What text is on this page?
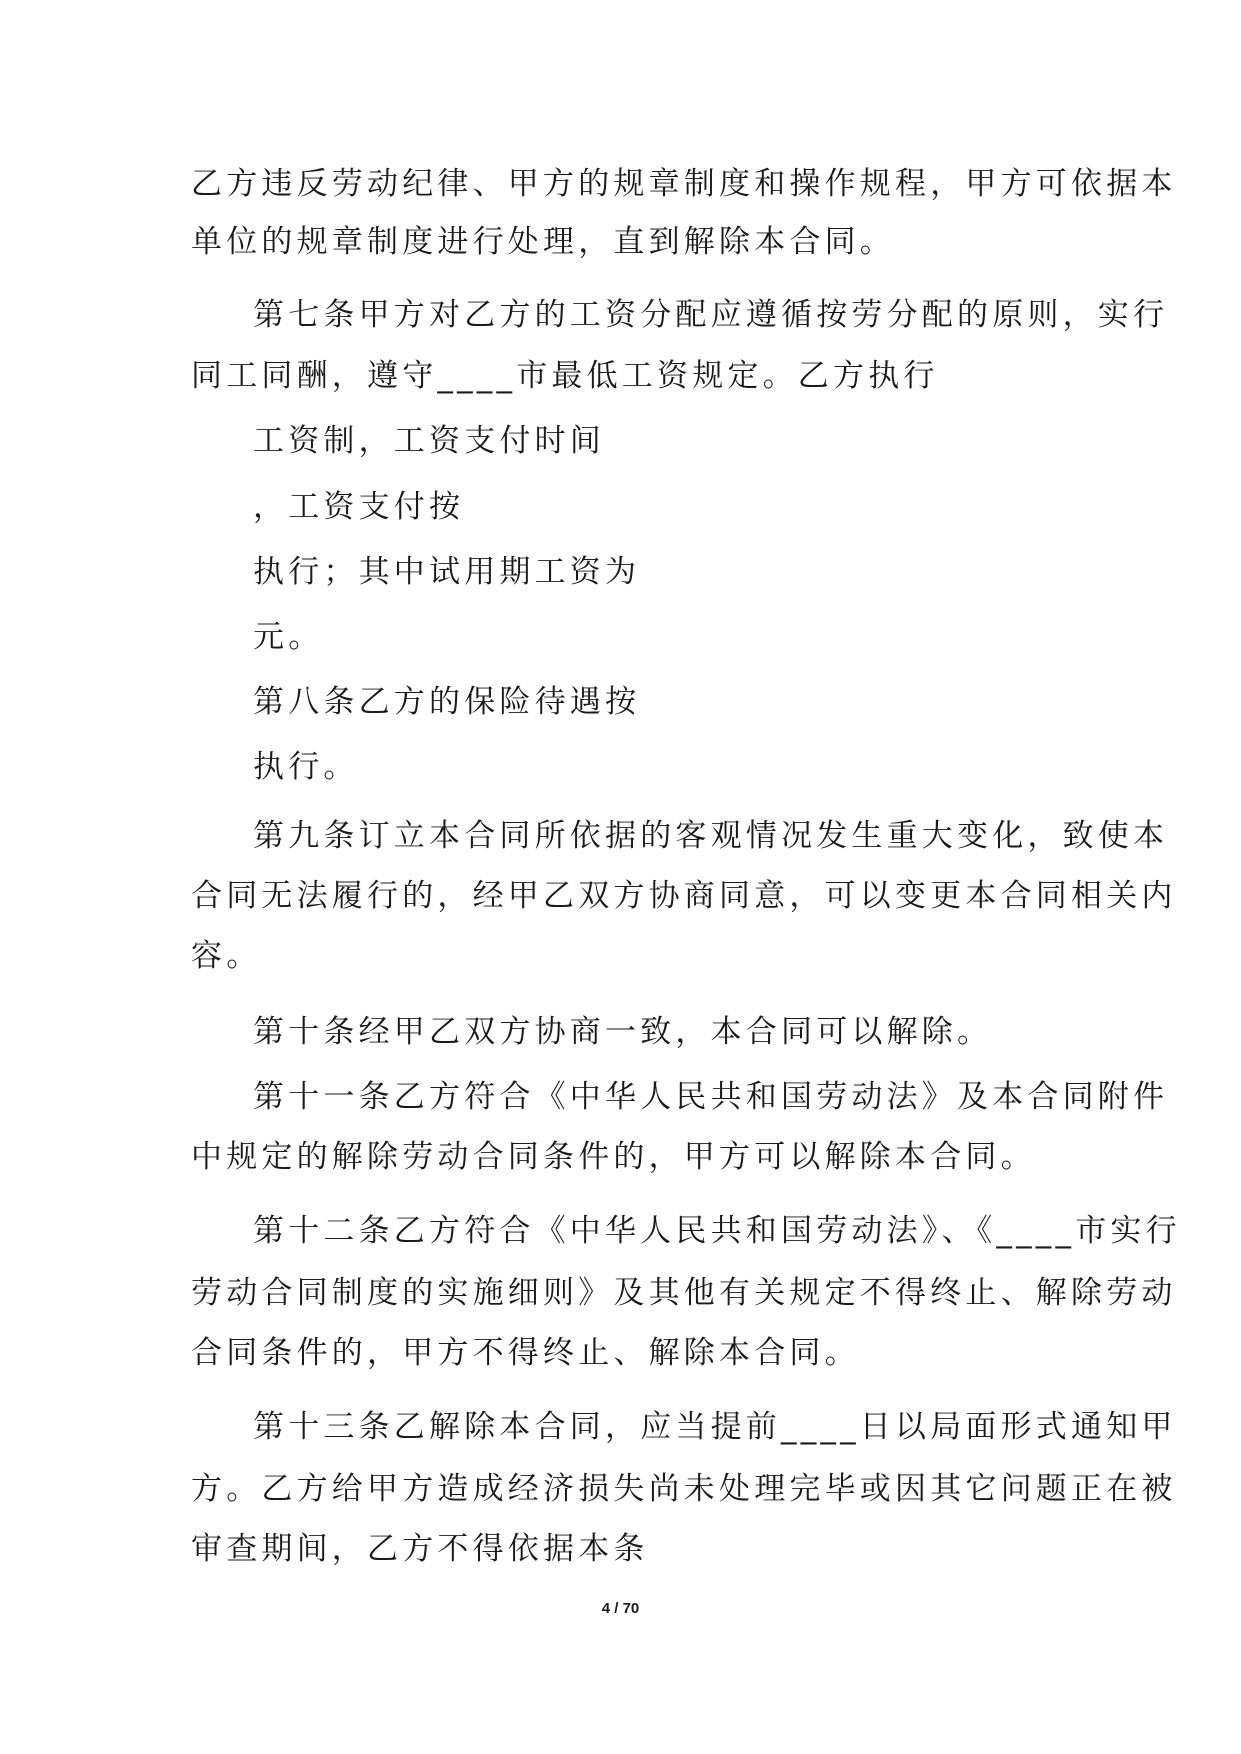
乙方违反劳动纪律、甲方的规章制度和操作规程，甲方可依据本
单位的规章制度进行处理，直到解除本合同。
第七条甲方对乙方的工资分配应遵循按劳分配的原则，实行
同工同酬，遵守____市最低工资规定。乙方执行
工资制，工资支付时间
，工资支付按
执行；其中试用期工资为
元。
第八条乙方的保险待遇按
执行。
第九条订立本合同所依据的客观情况发生重大变化，致使本
合同无法履行的，经甲乙双方协商同意，可以变更本合同相关内
容。
第十条经甲乙双方协商一致，本合同可以解除。
第十一条乙方符合《中华人民共和国劳动法》及本合同附件
中规定的解除劳动合同条件的，甲方可以解除本合同。
第十二条乙方符合《中华人民共和国劳动法》、《____市实行
劳动合同制度的实施细则》及其他有关规定不得终止、解除劳动
合同条件的，甲方不得终止、解除本合同。
第十三条乙解除本合同，应当提前____日以局面形式通知甲
方。乙方给甲方造成经济损失尚未处理完毕或因其它问题正在被
审查期间，乙方不得依据本条
4 / 70
